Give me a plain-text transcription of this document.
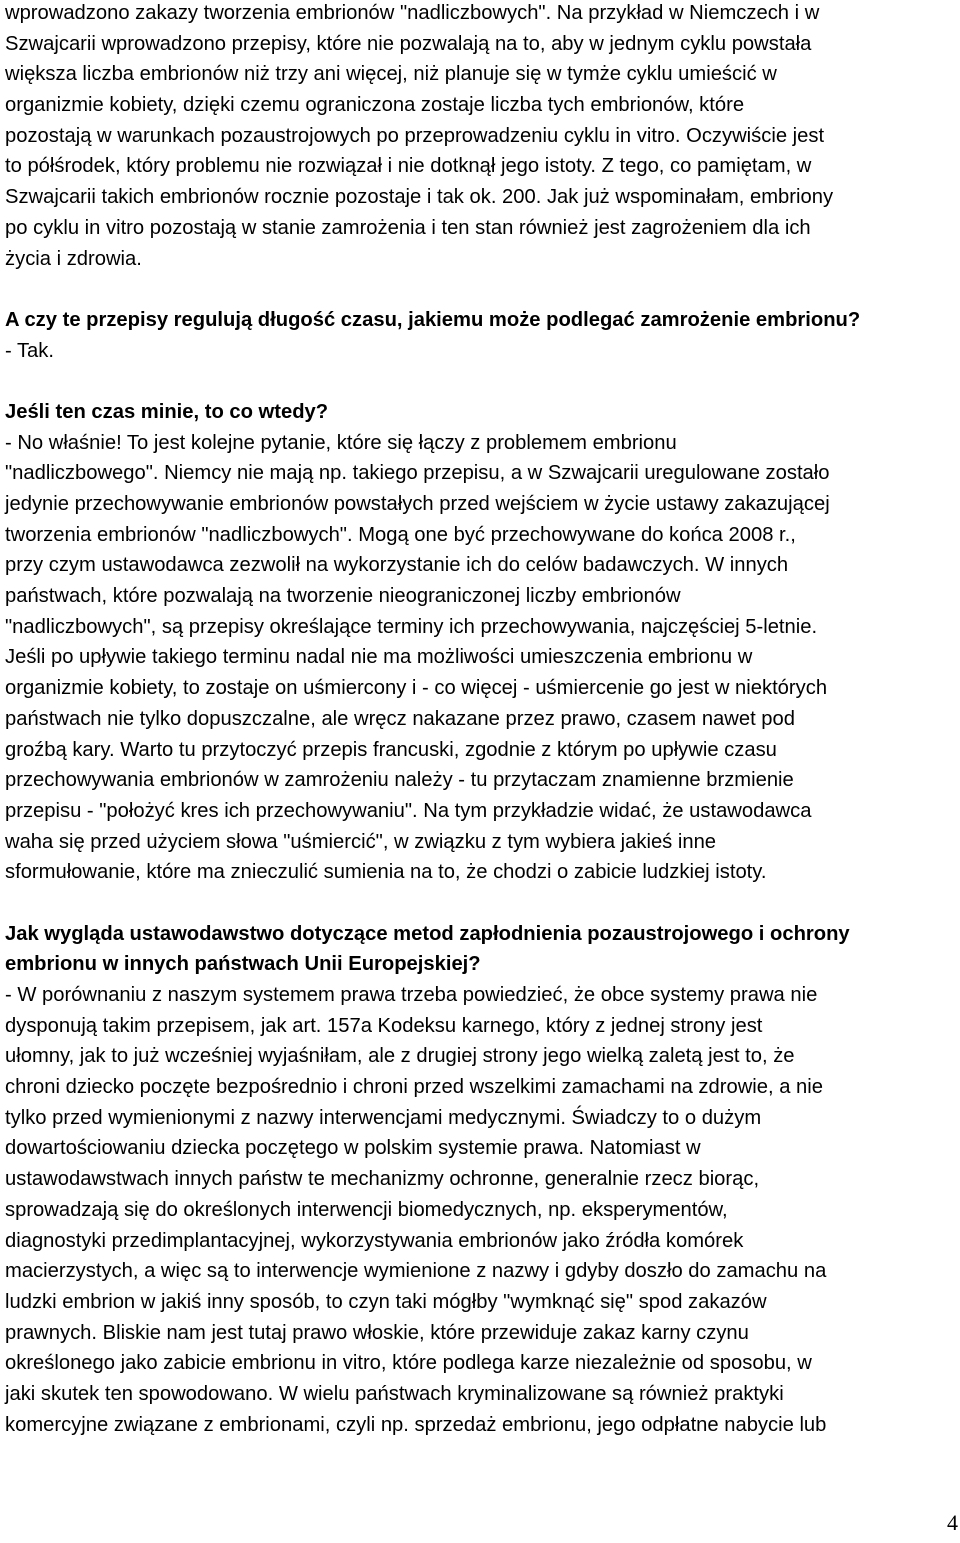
wprowadzono zakazy tworzenia embrionów "nadliczbowych". Na przykład w Niemczech i w
Szwajcarii wprowadzono przepisy, które nie pozwalają na to, aby w jednym cyklu powstała
większa liczba embrionów niż trzy ani więcej, niż planuje się w tymże cyklu umieścić w
organizmie kobiety, dzięki czemu ograniczona zostaje liczba tych embrionów, które
pozostają w warunkach pozaustrojowych po przeprowadzeniu cyklu in vitro. Oczywiście jest
to półśrodek, który problemu nie rozwiązał i nie dotknął jego istoty. Z tego, co pamiętam, w
Szwajcarii takich embrionów rocznie pozostaje i tak ok. 200. Jak już wspominałam, embriony
po cyklu in vitro pozostają w stanie zamrożenia i ten stan również jest zagrożeniem dla ich
życia i zdrowia.
A czy te przepisy regulują długość czasu, jakiemu może podlegać zamrożenie embrionu?
- Tak.
Jeśli ten czas minie, to co wtedy?
- No właśnie! To jest kolejne pytanie, które się łączy z problemem embrionu
"nadliczbowego". Niemcy nie mają np. takiego przepisu, a w Szwajcarii uregulowane zostało
jedynie przechowywanie embrionów powstałych przed wejściem w życie ustawy zakazującej
tworzenia embrionów "nadliczbowych". Mogą one być przechowywane do końca 2008 r.,
przy czym ustawodawca zezwolił na wykorzystanie ich do celów badawczych. W innych
państwach, które pozwalają na tworzenie nieograniczonej liczby embrionów
"nadliczbowych", są przepisy określające terminy ich przechowywania, najczęściej 5-letnie.
Jeśli po upływie takiego terminu nadal nie ma możliwości umieszczenia embrionu w
organizmie kobiety, to zostaje on uśmiercony i - co więcej - uśmiercenie go jest w niektórych
państwach nie tylko dopuszczalne, ale wręcz nakazane przez prawo, czasem nawet pod
groźbą kary. Warto tu przytoczyć przepis francuski, zgodnie z którym po upływie czasu
przechowywania embrionów w zamrożeniu należy - tu przytaczam znamienne brzmienie
przepisu - "położyć kres ich przechowywaniu". Na tym przykładzie widać, że ustawodawca
waha się przed użyciem słowa "uśmiercić", w związku z tym wybiera jakieś inne
sformułowanie, które ma znieczulić sumienia na to, że chodzi o zabicie ludzkiej istoty.
Jak wygląda ustawodawstwo dotyczące metod zapłodnienia pozaustrojowego i ochrony
embrionu w innych państwach Unii Europejskiej?
- W porównaniu z naszym systemem prawa trzeba powiedzieć, że obce systemy prawa nie
dysponują takim przepisem, jak art. 157a Kodeksu karnego, który z jednej strony jest
ułomny, jak to już wcześniej wyjaśniłam, ale z drugiej strony jego wielką zaletą jest to, że
chroni dziecko poczęte bezpośrednio i chroni przed wszelkimi zamachami na zdrowie, a nie
tylko przed wymienionymi z nazwy interwencjami medycznymi. Świadczy to o dużym
dowartościowaniu dziecka poczętego w polskim systemie prawa. Natomiast w
ustawodawstwach innych państw te mechanizmy ochronne, generalnie rzecz biorąc,
sprowadzają się do określonych interwencji biomedycznych, np. eksperymentów,
diagnostyki przedimplantacyjnej, wykorzystywania embrionów jako źródła komórek
macierzystych, a więc są to interwencje wymienione z nazwy i gdyby doszło do zamachu na
ludzki embrion w jakiś inny sposób, to czyn taki mógłby "wymknąć się" spod zakazów
prawnych. Bliskie nam jest tutaj prawo włoskie, które przewiduje zakaz karny czynu
określonego jako zabicie embrionu in vitro, które podlega karze niezależnie od sposobu, w
jaki skutek ten spowodowano. W wielu państwach kryminalizowane są również praktyki
komercyjne związane z embrionami, czyli np. sprzedaż embrionu, jego odpłatne nabycie lub
4
